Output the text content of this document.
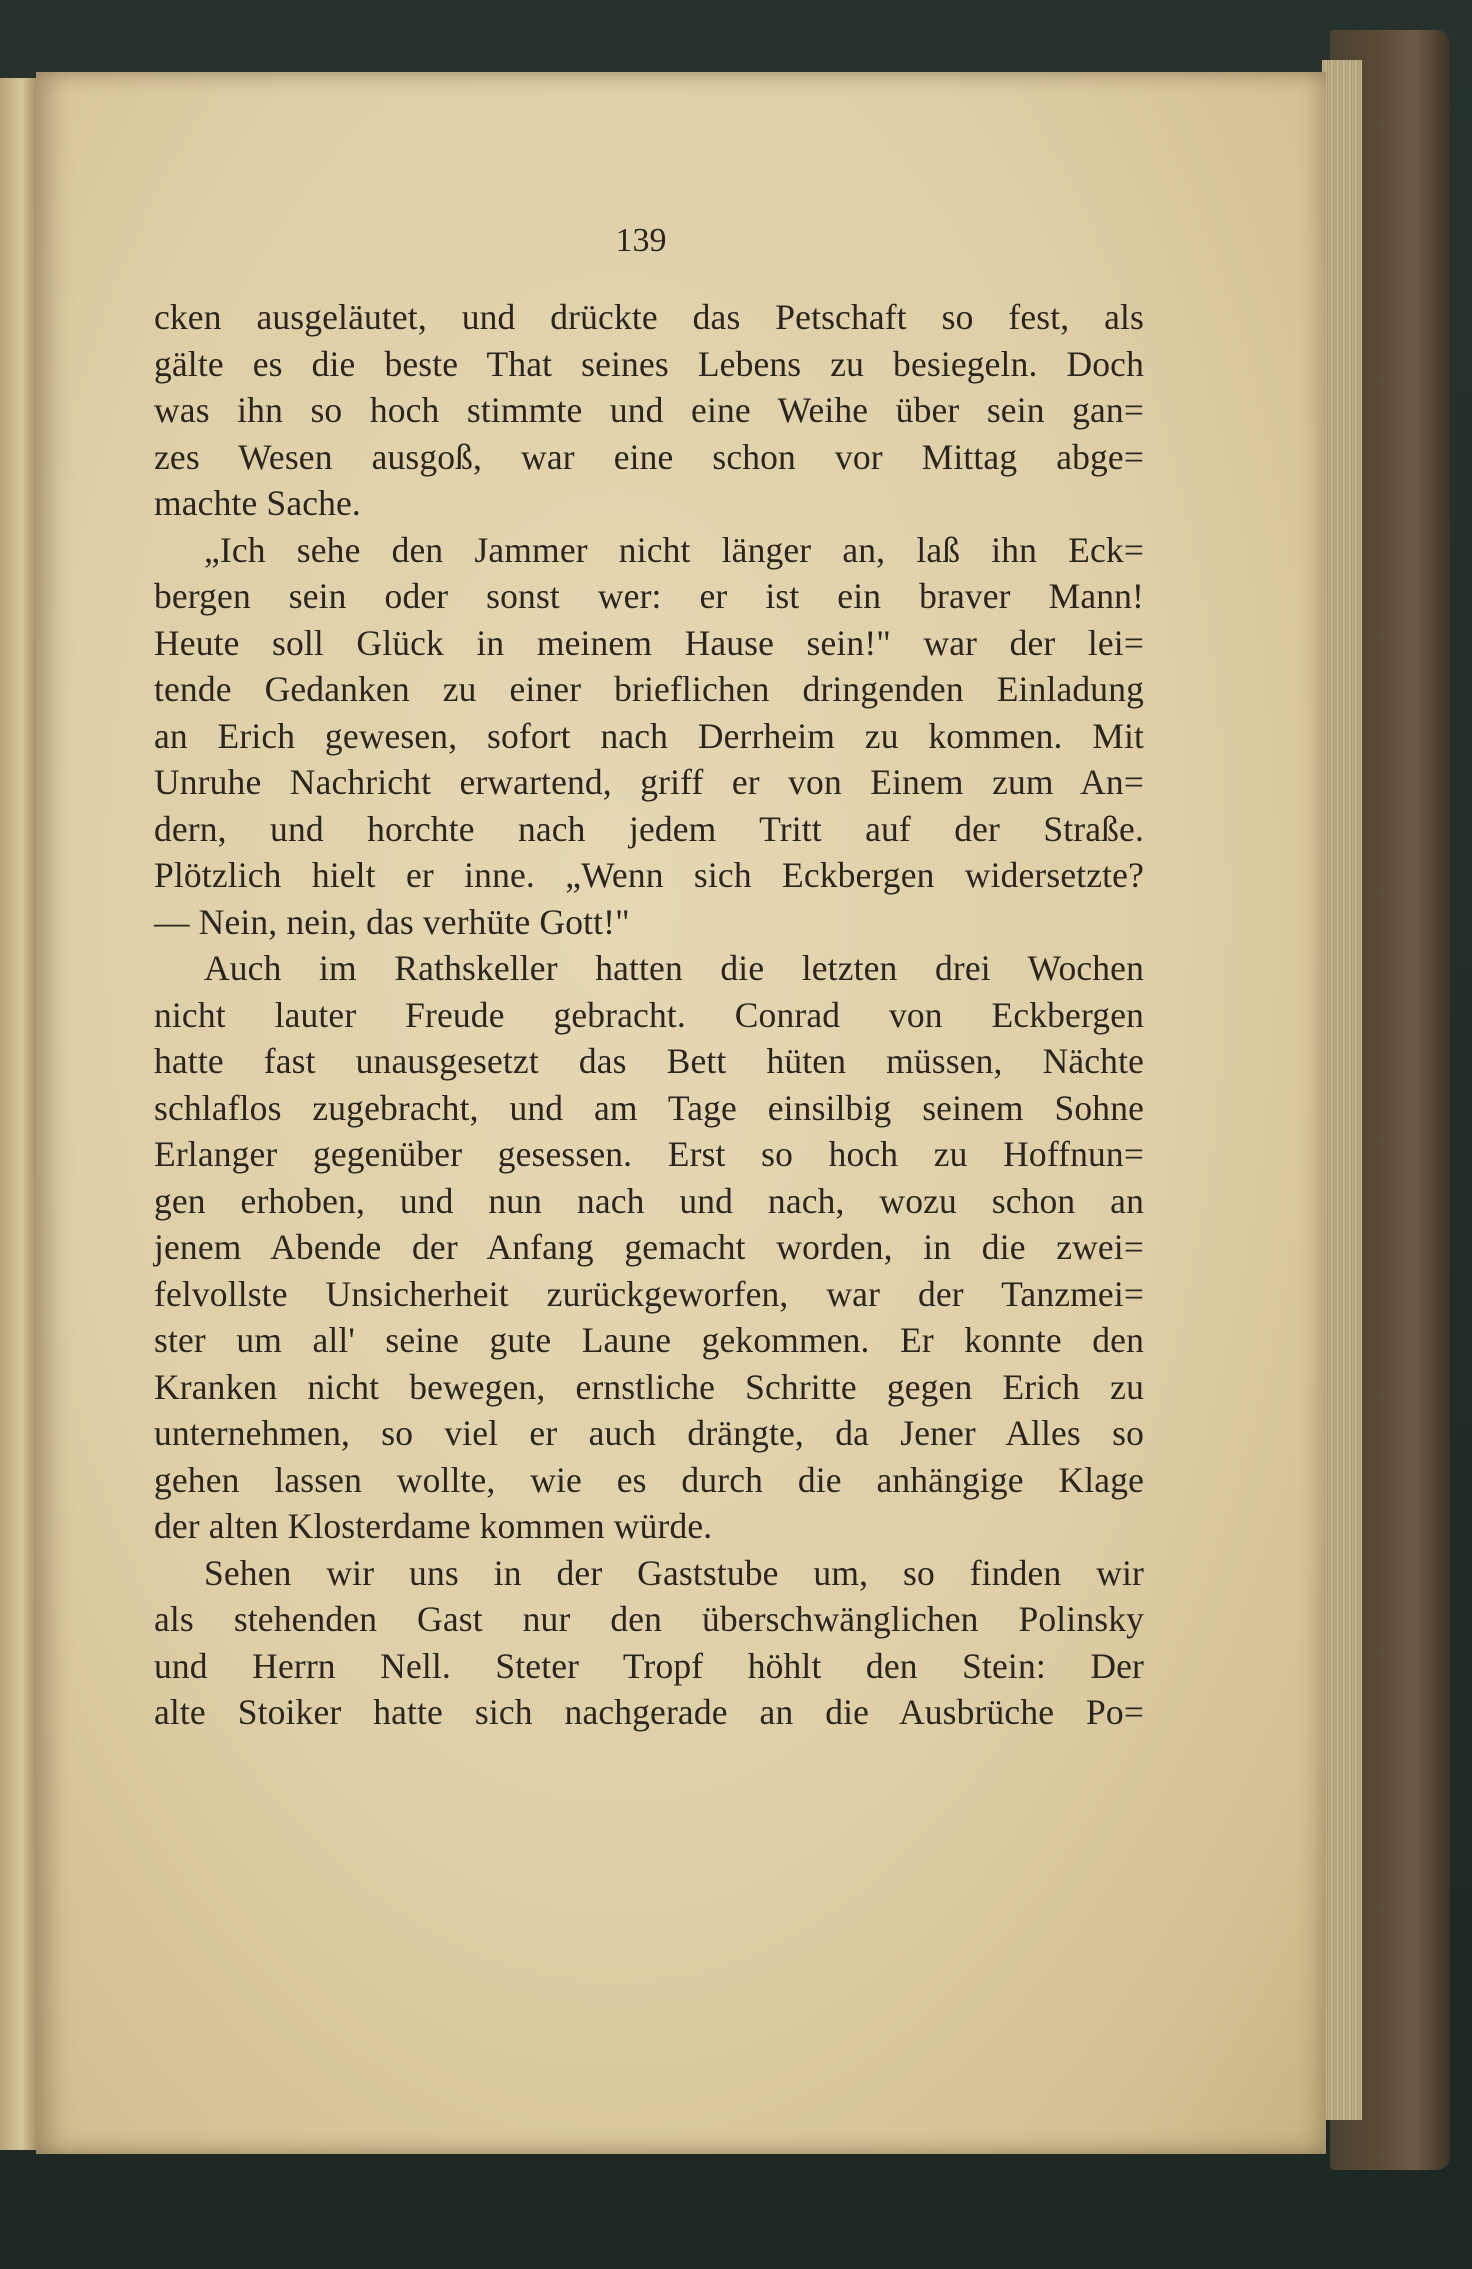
139
cken ausgeläutet, und drückte das Petschaft so fest, als
gälte es die beste That seines Lebens zu besiegeln. Doch
was ihn so hoch stimmte und eine Weihe über sein gan=
zes Wesen ausgoß, war eine schon vor Mittag abge=
machte Sache.
„Ich sehe den Jammer nicht länger an, laß ihn Eck=
bergen sein oder sonst wer: er ist ein braver Mann!
Heute soll Glück in meinem Hause sein!" war der lei=
tende Gedanken zu einer brieflichen dringenden Einladung
an Erich gewesen, sofort nach Derrheim zu kommen. Mit
Unruhe Nachricht erwartend, griff er von Einem zum An=
dern, und horchte nach jedem Tritt auf der Straße.
Plötzlich hielt er inne. „Wenn sich Eckbergen widersetzte?
— Nein, nein, das verhüte Gott!"
Auch im Rathskeller hatten die letzten drei Wochen
nicht lauter Freude gebracht. Conrad von Eckbergen
hatte fast unausgesetzt das Bett hüten müssen, Nächte
schlaflos zugebracht, und am Tage einsilbig seinem Sohne
Erlanger gegenüber gesessen. Erst so hoch zu Hoffnun=
gen erhoben, und nun nach und nach, wozu schon an
jenem Abende der Anfang gemacht worden, in die zwei=
felvollste Unsicherheit zurückgeworfen, war der Tanzmei=
ster um all' seine gute Laune gekommen. Er konnte den
Kranken nicht bewegen, ernstliche Schritte gegen Erich zu
unternehmen, so viel er auch drängte, da Jener Alles so
gehen lassen wollte, wie es durch die anhängige Klage
der alten Klosterdame kommen würde.
Sehen wir uns in der Gaststube um, so finden wir
als stehenden Gast nur den überschwänglichen Polinsky
und Herrn Nell. Steter Tropf höhlt den Stein: Der
alte Stoiker hatte sich nachgerade an die Ausbrüche Po=
